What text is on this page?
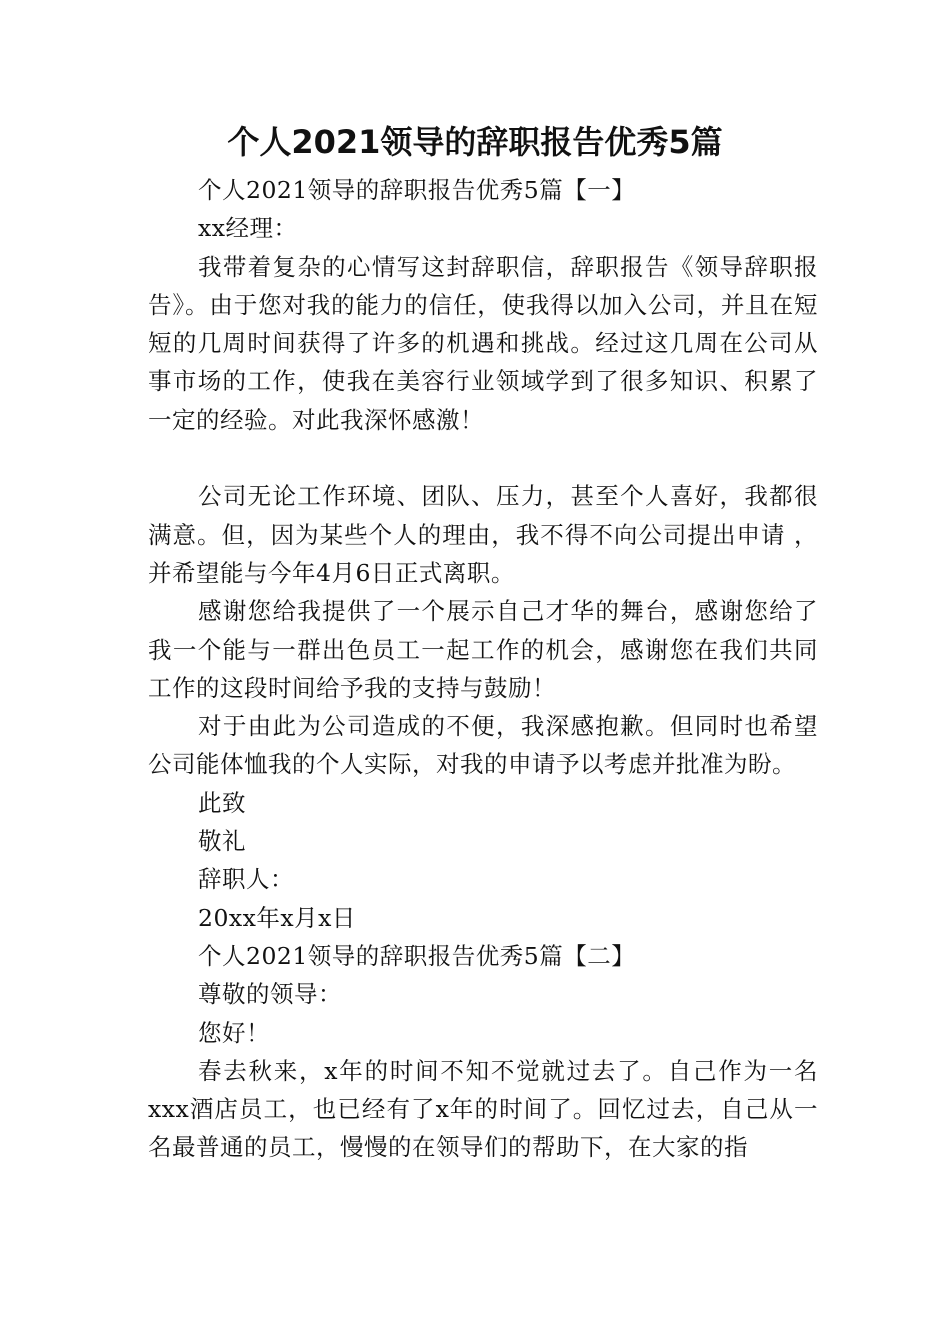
个人2021领导的辞职报告优秀5篇

个人2021领导的辞职报告优秀5篇【一】

xx经理：

我带着复杂的心情写这封辞职信，辞职报告《领导辞职报告》。由于您对我的能力的信任，使我得以加入公司，并且在短短的几周时间获得了许多的机遇和挑战。经过这几周在公司从事市场的工作，使我在美容行业领域学到了很多知识、积累了一定的经验。对此我深怀感激！

公司无论工作环境、团队、压力，甚至个人喜好，我都很满意。但，因为某些个人的理由，我不得不向公司提出申请 ，并希望能与今年4月6日正式离职。

感谢您给我提供了一个展示自己才华的舞台，感谢您给了我一个能与一群出色员工一起工作的机会，感谢您在我们共同工作的这段时间给予我的支持与鼓励！

对于由此为公司造成的不便，我深感抱歉。但同时也希望公司能体恤我的个人实际，对我的申请予以考虑并批准为盼。

此致

敬礼

辞职人：

20xx年x月x日

个人2021领导的辞职报告优秀5篇【二】

尊敬的领导：

您好！

春去秋来，x年的时间不知不觉就过去了。自己作为一名xxx酒店员工，也已经有了x年的时间了。回忆过去，自己从一名最普通的员工，慢慢的在领导们的帮助下，在大家的指
